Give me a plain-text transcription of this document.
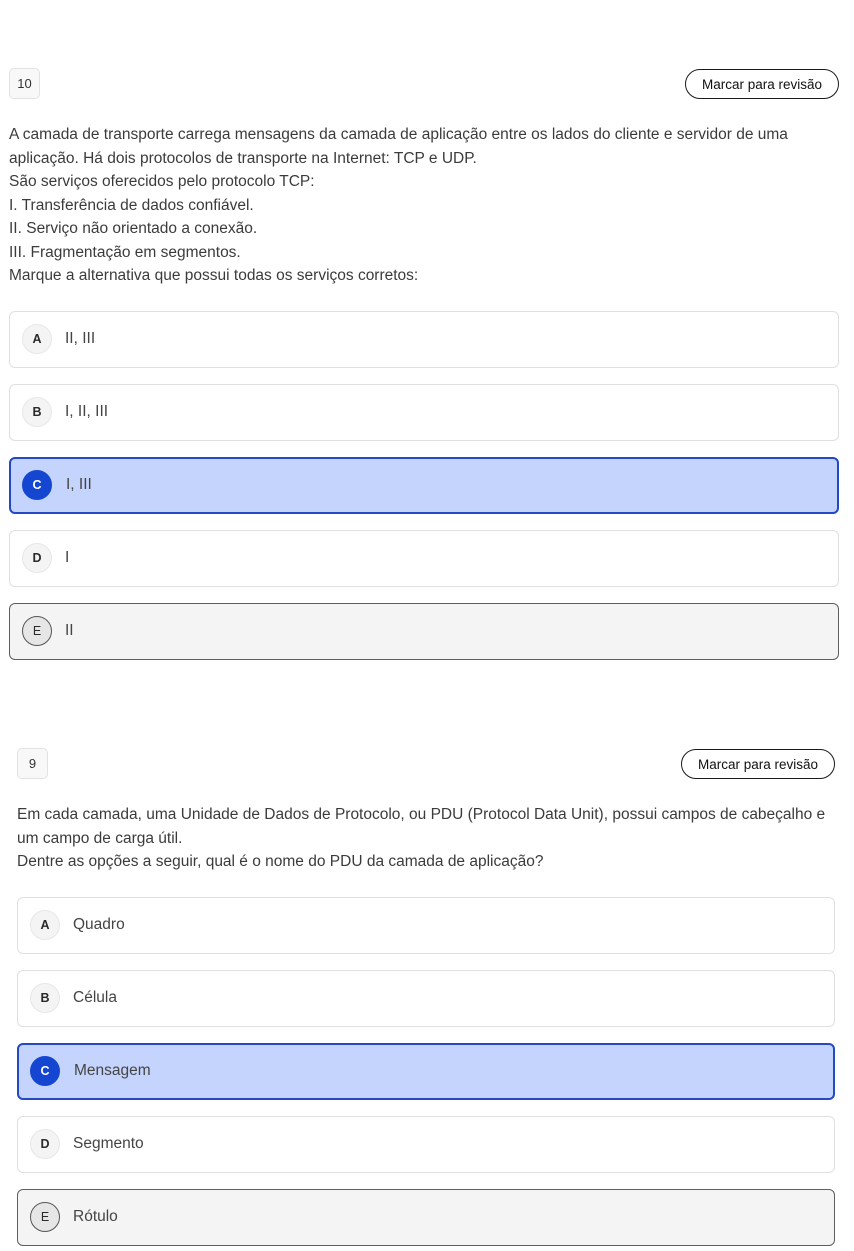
10	Marcar para revisão

A camada de transporte carrega mensagens da camada de aplicação entre os lados do cliente e servidor de uma aplicação. Há dois protocolos de transporte na Internet: TCP e UDP.

São serviços oferecidos pelo protocolo TCP:

I. Transferência de dados confiável.

II. Serviço não orientado a conexão.

III. Fragmentação em segmentos.

Marque a alternativa que possui todas os serviços corretos:

A	II, III
B	I, II, III
C	I, III
D	I
E	II
9	Marcar para revisão

Em cada camada, uma Unidade de Dados de Protocolo, ou PDU (Protocol Data Unit), possui campos de cabeçalho e um campo de carga útil.

Dentre as opções a seguir, qual é o nome do PDU da camada de aplicação?

A	Quadro
B	Célula
C	Mensagem
D	Segmento
E	Rótulo
